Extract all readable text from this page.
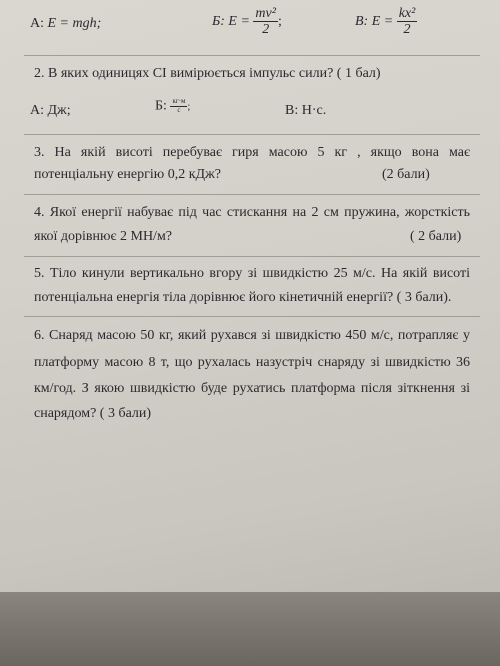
А: E = mgh;	Б: $E = \frac{\text{mv²}}{2}$ ;	В: $E = \frac{\text{kx²}}{2}$
2. В яких одиницях СІ вимірюється імпульс сили? ( 1 бал)
А: Дж;	Б: $\frac{кг\cdot м}{с}$ ;	В: Н·с.
3. На якій висоті перебуває гиря масою 5 кг , якщо вона має
потенціальну енергію 0,2 кДж?	(2 бали)
4. Якої енергії набуває під час стискання на 2 см пружина, жорсткість
якої дорівнює 2 МН/м?	( 2 бали)
5. Тіло кинули вертикально вгору зі швидкістю 25 м/с. На якій висоті
потенціальна енергія тіла дорівнює його кінетичній енергії? ( 3 бали).
6. Снаряд масою 50 кг, який рухався зі швидкістю 450 м/с, потрапляє у
платформу масою 8 т, що рухалась назустріч снаряду зі швидкістю 36
км/год. З якою швидкістю буде рухатись платформа після зіткнення зі
снарядом? ( 3 бали)
